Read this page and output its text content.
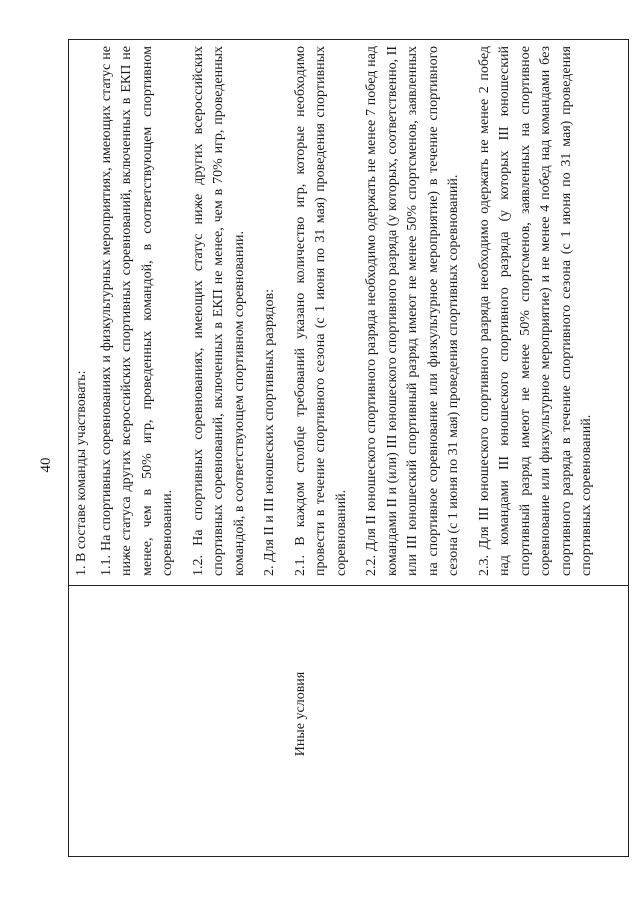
40
Иные условия

1. В составе команды участвовать: 1.1. На спортивных соревнованиях и физкультурных мероприятиях, имеющих статус не ниже статуса других всероссийских спортивных соревнований, включенных в ЕКП не менее, чем в 50% игр, проведенных командой, в соответствующем спортивном соревновании. 1.2. На спортивных соревнованиях, имеющих статус ниже других всероссийских спортивных соревнований, включенных в ЕКП не менее, чем в 70% игр, проведенных командой, в соответствующем спортивном соревновании. 2. Для II и III юношеских спортивных разрядов: 2.1. В каждом столбце требований указано количество игр, которые необходимо провести в течение спортивного сезона (с 1 июня по 31 мая) проведения спортивных соревнований. 2.2. Для II юношеского спортивного разряда необходимо одержать не менее 7 побед над командами II и (или) III юношеского спортивного разряда (у которых, соответственно, II или III юношеский спортивный разряд имеют не менее 50% спортсменов, заявленных на спортивное соревнование или физкультурное мероприятие) в течение спортивного сезона (с 1 июня по 31 мая) проведения спортивных соревнований. 2.3. Для III юношеского спортивного разряда необходимо одержать не менее 2 побед над командами III юношеского спортивного разряда (у которых III юношеский спортивный разряд имеют не менее 50% спортсменов, заявленных на спортивное соревнование или физкультурное мероприятие) и не менее 4 побед над командами без спортивного разряда в течение спортивного сезона (с 1 июня по 31 мая) проведения спортивных соревнований.
